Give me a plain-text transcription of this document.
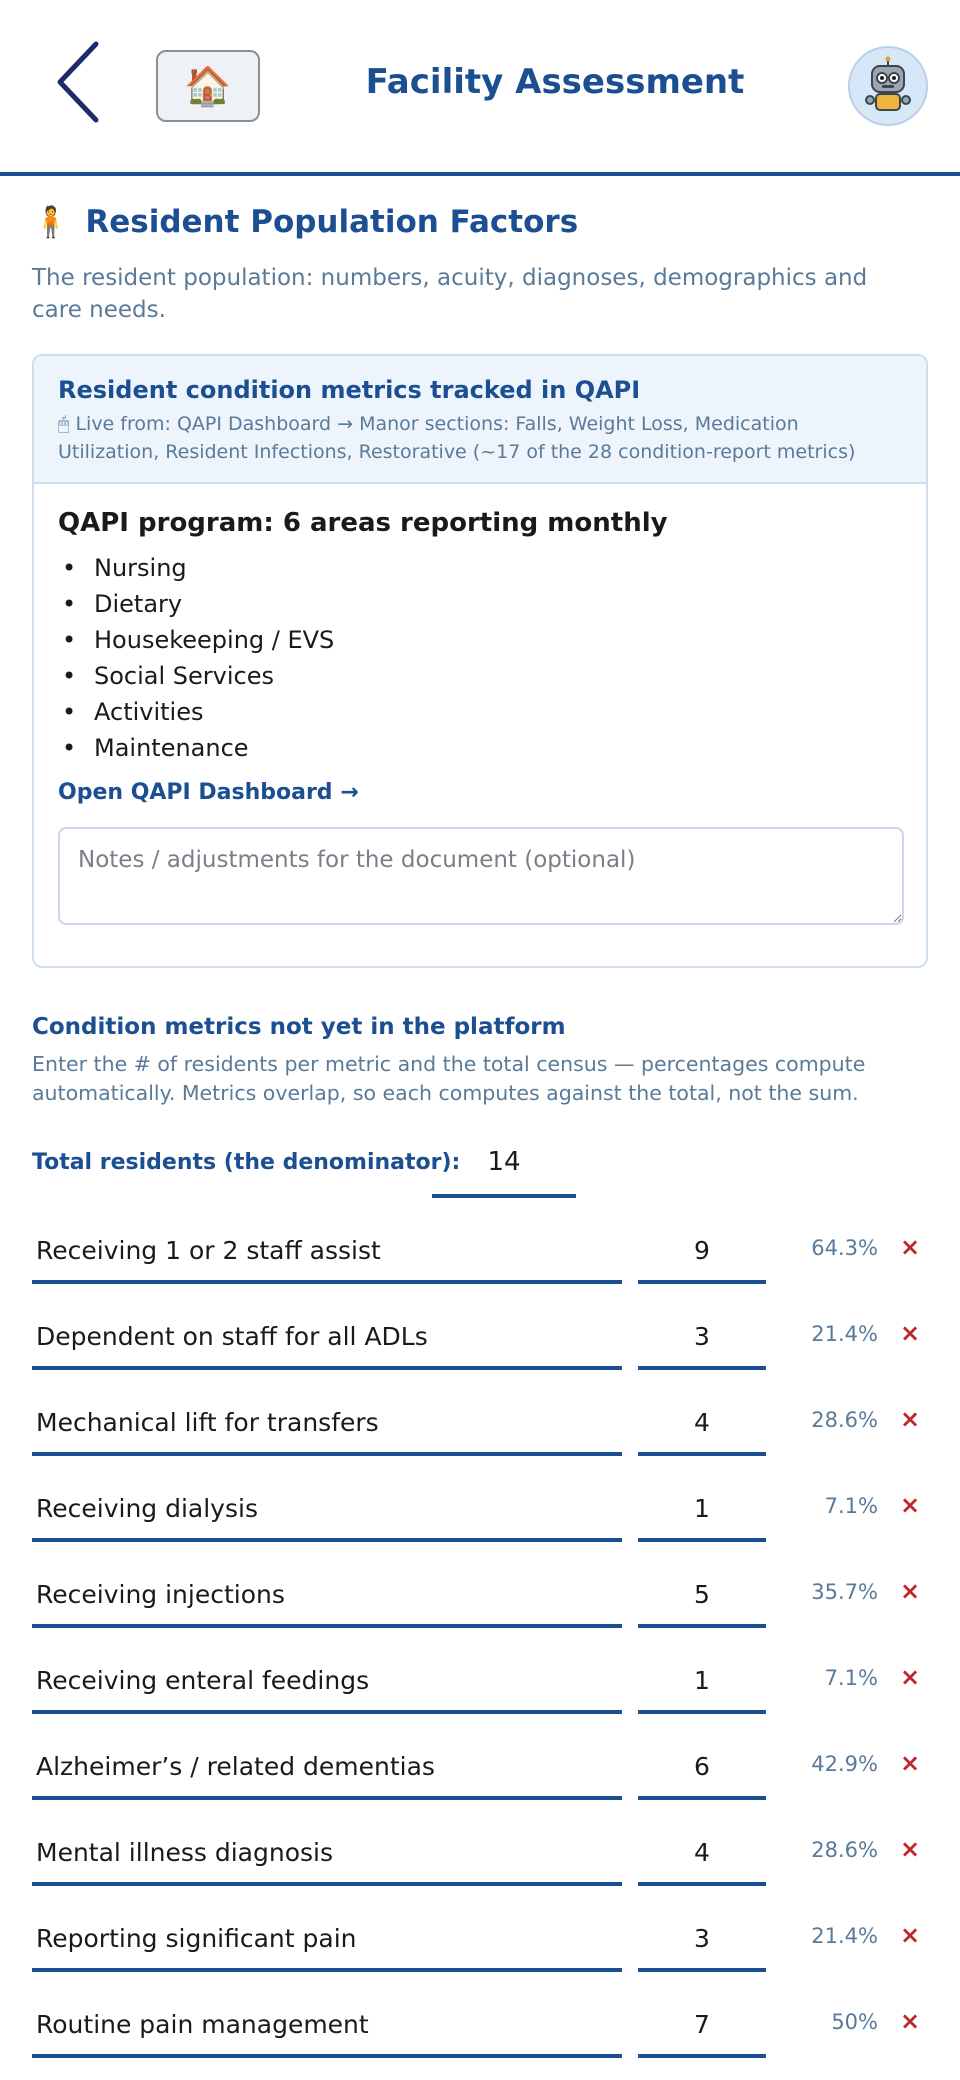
🏠	Facility Assessment
🧍 Resident Population Factors
The resident population: numbers, acuity, diagnoses, demographics and care needs.
Resident condition metrics tracked in QAPI
🖱 Live from: QAPI Dashboard → Manor sections: Falls, Weight Loss, Medication Utilization, Resident Infections, Restorative (~17 of the 28 condition-report metrics)
QAPI program: 6 areas reporting monthly
• Nursing
• Dietary
• Housekeeping / EVS
• Social Services
• Activities
• Maintenance
Open QAPI Dashboard →
Notes / adjustments for the document (optional)
Condition metrics not yet in the platform
Enter the # of residents per metric and the total census — percentages compute automatically. Metrics overlap, so each computes against the total, not the sum.
Total residents (the denominator):
14
Receiving 1 or 2 staff assist
9
64.3% ×
Dependent on staff for all ADLs
3
21.4% ×
Mechanical lift for transfers
4
28.6% ×
Receiving dialysis
1
7.1% ×
Receiving injections
5
35.7% ×
Receiving enteral feedings
1
7.1% ×
Alzheimer’s / related dementias
6
42.9% ×
Mental illness diagnosis
4
28.6% ×
Reporting significant pain
3
21.4% ×
Routine pain management
7
50% ×
